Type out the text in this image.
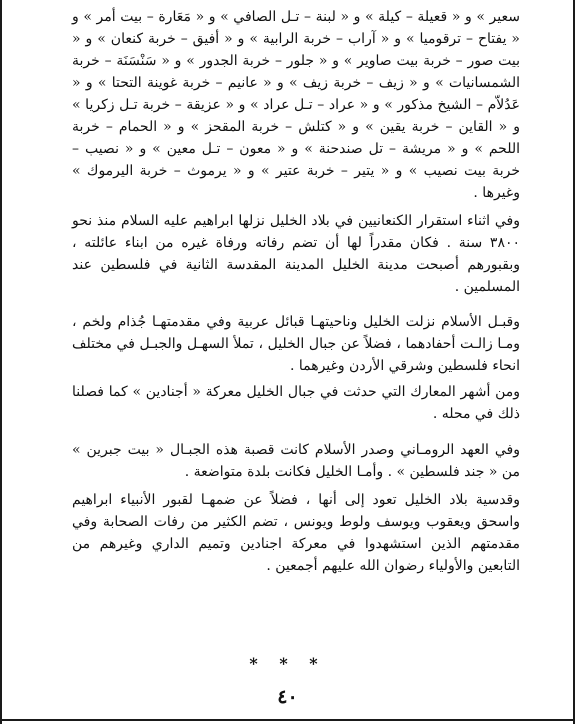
سعير » و « قعيلة – كيلة » و « لبنة – تـل الصافي » و « مَعَارة – بيت أمر » و « يفتاح – ترقوميا » و « آراب – خربة الرابية » و « أفيق – خربة كنعان » و « بيت صور – خربة بيت صاوير » و « جلور – خربة الجدور » و « سَنْسَنَة – خربة الشمسانيات » و « زيف – خربة زيف » و « عانيم – خربة غوينة التحتا » و « عَدُلاّم – الشيخ مذكور » و « عراد – تـل عراد » و « عزيقة – خربة تـل زكريا » و « القاين – خربة يقين » و « كتلش – خربة المقحز » و « الحمام – خربة اللحم » و « مريشة – تل صندحنة » و « معون – تـل معين » و « نصيب – خربة بيت نصيب » و « يتير – خربة عتير » و « يرموث – خربة اليرموك » وغيرها .

وفي اثناء استقرار الكنعانيين في بلاد الخليل نزلها ابراهيم عليه السلام منذ نحو ٣٨٠٠ سنة . فكان مقدراً لها أن تضم رفاته ورفاة غيره من ابناء عائلته ، وبقبورهم أصبحت مدينة الخليل المدينة المقدسة الثانية في فلسطين عند المسلمين .

وقبـل الأسلام نزلت الخليل وناحيتهـا قبائل عربية وفي مقدمتهـا جُذام ولخم ، ومـا زالـت أحفادهما ، فضلاً عن جبال الخليل ، تملأ السهـل والجبـل في مختلف انحاء فلسطين وشرقي الأردن وغيرهما .

ومن أشهر المعارك التي حدثت في جبال الخليل معركة « أجنادين » كما فصلنا ذلك في محله .

وفي العهد الرومـاني وصدر الأسلام كانت قصبة هذه الجبـال « بيت جبرين » من « جند فلسطين » . وأمـا الخليل فكانت بلدة متواضعة .

وقدسية بلاد الخليل تعود إلى أنها ، فضلاً عن ضمهـا لقبور الأنبياء ابراهيم واسحق ويعقوب ويوسف ولوط ويونس ، تضم الكثير من رفات الصحابة وفي مقدمتهم الذين استشهدوا في معركة اجنادين وتميم الداري وغيرهم من التابعين والأولياء رضوان الله عليهم أجمعين .

* * *
٤٠
